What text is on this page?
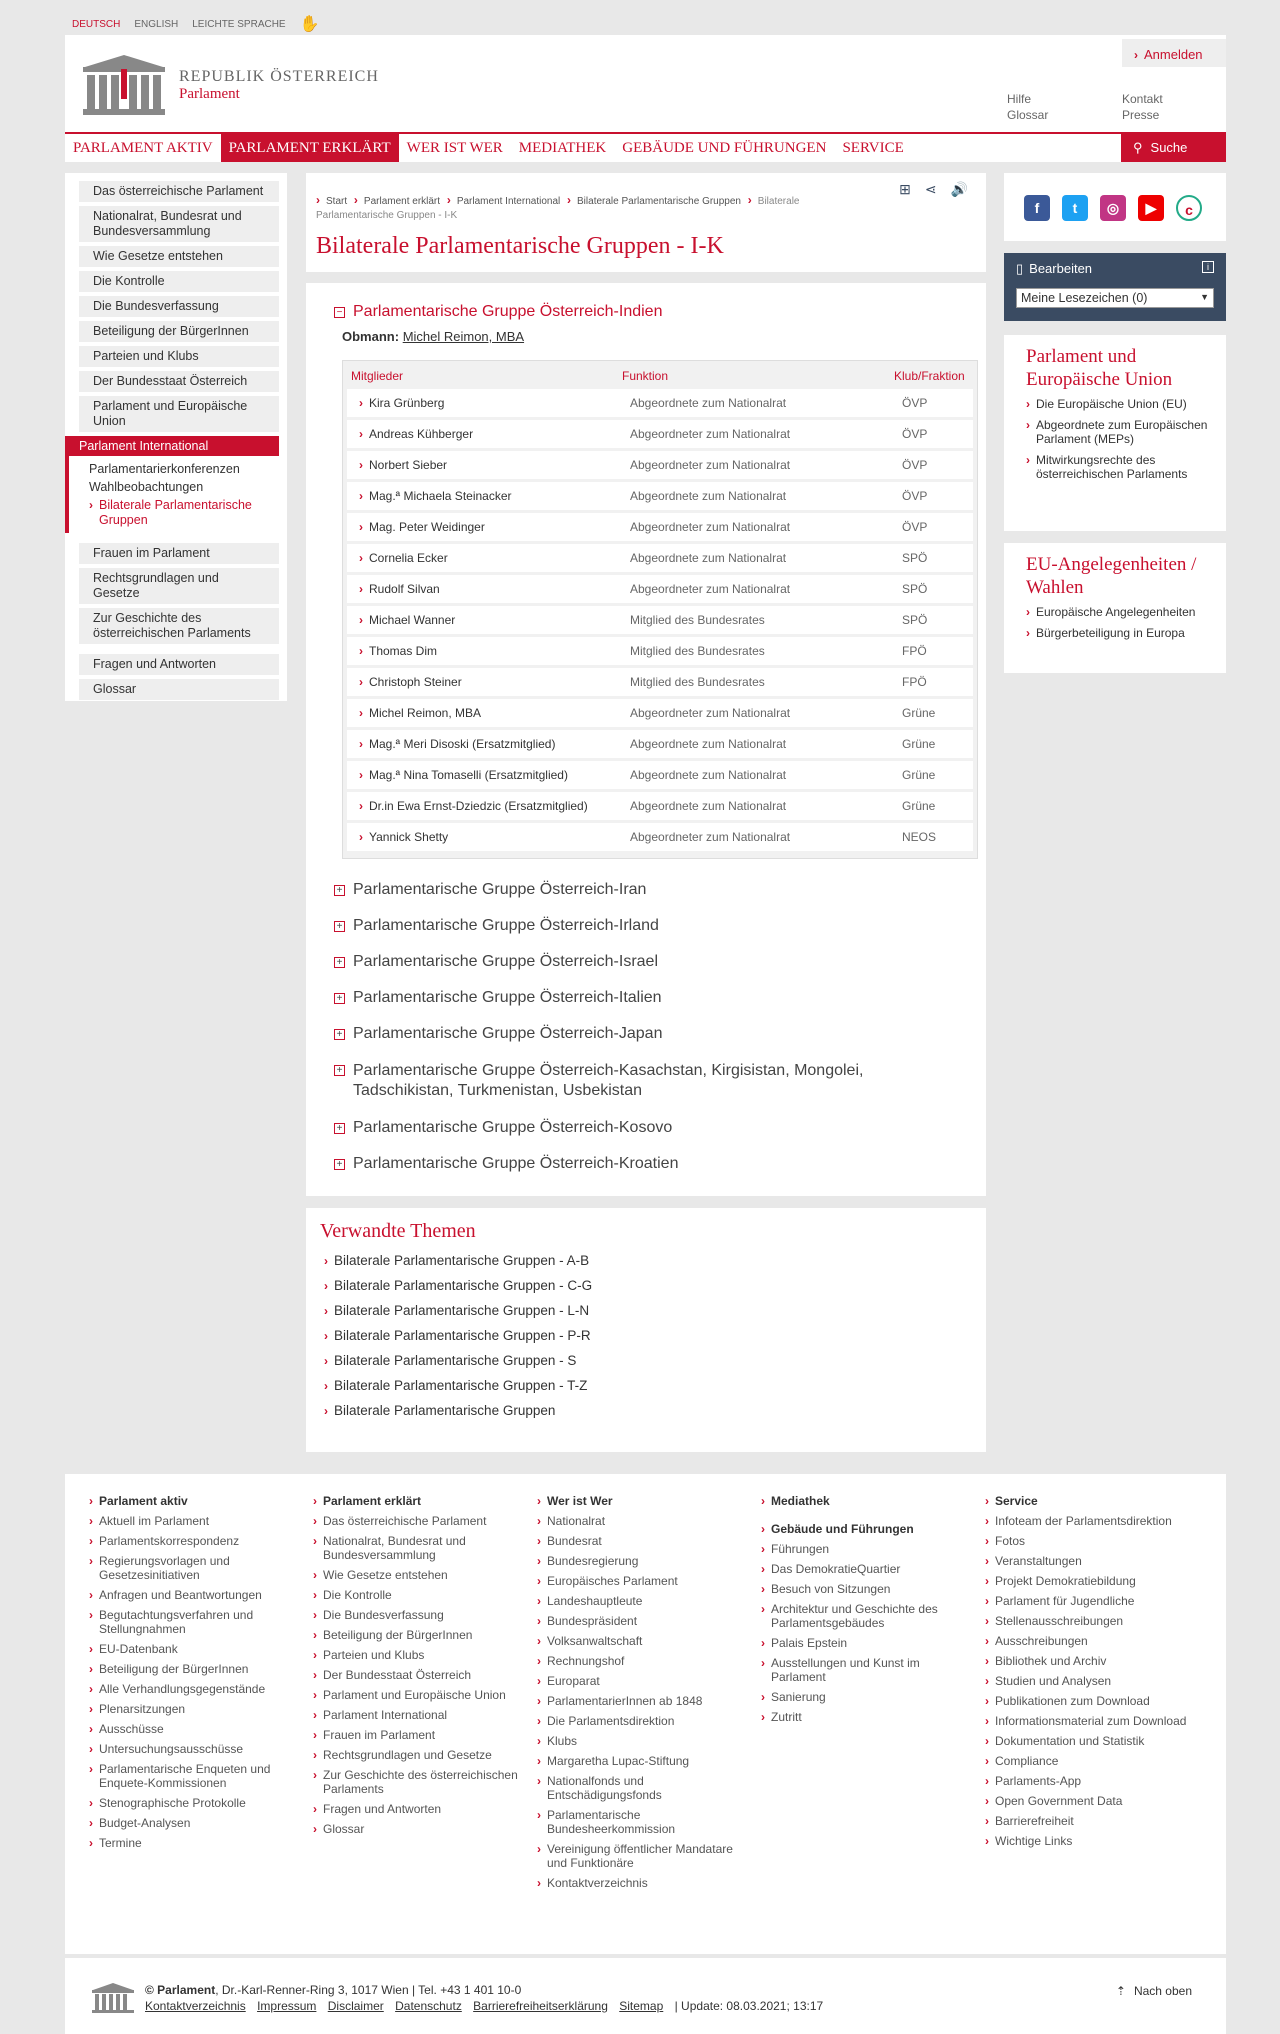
DEUTSCH ENGLISH LEICHTE SPRACHE ✋
REPUBLIK ÖSTERREICH
Parlament
› Anmelden
Hilfe	Kontakt
Glossar	Presse
PARLAMENT AKTIV	PARLAMENT ERKLÄRT	WER IST WER	MEDIATHEK	GEBÄUDE UND FÜHRUNGEN	SERVICE	⚲ Suche
Das österreichische Parlament
Nationalrat, Bundesrat und Bundesversammlung
Wie Gesetze entstehen
Die Kontrolle
Die Bundesverfassung
Beteiligung der BürgerInnen
Parteien und Klubs
Der Bundesstaat Österreich
Parlament und Europäische Union
Parlament International
Parlamentarierkonferenzen
Wahlbeobachtungen
› Bilaterale Parlamentarische Gruppen
Frauen im Parlament
Rechtsgrundlagen und Gesetze
Zur Geschichte des österreichischen Parlaments
Fragen und Antworten
Glossar
⊞ ⋖ 🔊
› Start › Parlament erklärt › Parlament International › Bilaterale Parlamentarische Gruppen › Bilaterale Parlamentarische Gruppen - I-K
Bilaterale Parlamentarische Gruppen - I-K
− Parlamentarische Gruppe Österreich-Indien
Obmann: Michel Reimon, MBA
Mitglieder	Funktion	Klub/Fraktion
› Kira Grünberg	Abgeordnete zum Nationalrat	ÖVP
› Andreas Kühberger	Abgeordneter zum Nationalrat	ÖVP
› Norbert Sieber	Abgeordneter zum Nationalrat	ÖVP
› Mag.ª Michaela Steinacker	Abgeordnete zum Nationalrat	ÖVP
› Mag. Peter Weidinger	Abgeordneter zum Nationalrat	ÖVP
› Cornelia Ecker	Abgeordnete zum Nationalrat	SPÖ
› Rudolf Silvan	Abgeordneter zum Nationalrat	SPÖ
› Michael Wanner	Mitglied des Bundesrates	SPÖ
› Thomas Dim	Mitglied des Bundesrates	FPÖ
› Christoph Steiner	Mitglied des Bundesrates	FPÖ
› Michel Reimon, MBA	Abgeordneter zum Nationalrat	Grüne
› Mag.ª Meri Disoski (Ersatzmitglied)	Abgeordnete zum Nationalrat	Grüne
› Mag.ª Nina Tomaselli (Ersatzmitglied)	Abgeordnete zum Nationalrat	Grüne
› Dr.in Ewa Ernst-Dziedzic (Ersatzmitglied)	Abgeordnete zum Nationalrat	Grüne
› Yannick Shetty	Abgeordneter zum Nationalrat	NEOS
+ Parlamentarische Gruppe Österreich-Iran
+ Parlamentarische Gruppe Österreich-Irland
+ Parlamentarische Gruppe Österreich-Israel
+ Parlamentarische Gruppe Österreich-Italien
+ Parlamentarische Gruppe Österreich-Japan
+ Parlamentarische Gruppe Österreich-Kasachstan, Kirgisistan, Mongolei, Tadschikistan, Turkmenistan, Usbekistan
+ Parlamentarische Gruppe Österreich-Kosovo
+ Parlamentarische Gruppe Österreich-Kroatien
Verwandte Themen
› Bilaterale Parlamentarische Gruppen - A-B
› Bilaterale Parlamentarische Gruppen - C-G
› Bilaterale Parlamentarische Gruppen - L-N
› Bilaterale Parlamentarische Gruppen - P-R
› Bilaterale Parlamentarische Gruppen - S
› Bilaterale Parlamentarische Gruppen - T-Z
› Bilaterale Parlamentarische Gruppen
f	t	◎	▶	c
▯ Bearbeiten	i
Meine Lesezeichen (0) ▼
Parlament und Europäische Union
› Die Europäische Union (EU)
› Abgeordnete zum Europäischen Parlament (MEPs)
› Mitwirkungsrechte des österreichischen Parlaments
EU-Angelegenheiten / Wahlen
› Europäische Angelegenheiten
› Bürgerbeteiligung in Europa
› Parlament aktiv
› Aktuell im Parlament
› Parlamentskorrespondenz
› Regierungsvorlagen und Gesetzesinitiativen
› Anfragen und Beantwortungen
› Begutachtungsverfahren und Stellungnahmen
› EU-Datenbank
› Beteiligung der BürgerInnen
› Alle Verhandlungsgegenstände
› Plenarsitzungen
› Ausschüsse
› Untersuchungsausschüsse
› Parlamentarische Enqueten und Enquete-Kommissionen
› Stenographische Protokolle
› Budget-Analysen
› Termine
› Parlament erklärt
› Das österreichische Parlament
› Nationalrat, Bundesrat und Bundesversammlung
› Wie Gesetze entstehen
› Die Kontrolle
› Die Bundesverfassung
› Beteiligung der BürgerInnen
› Parteien und Klubs
› Der Bundesstaat Österreich
› Parlament und Europäische Union
› Parlament International
› Frauen im Parlament
› Rechtsgrundlagen und Gesetze
› Zur Geschichte des österreichischen Parlaments
› Fragen und Antworten
› Glossar
› Wer ist Wer
› Nationalrat
› Bundesrat
› Bundesregierung
› Europäisches Parlament
› Landeshauptleute
› Bundespräsident
› Volksanwaltschaft
› Rechnungshof
› Europarat
› ParlamentarierInnen ab 1848
› Die Parlamentsdirektion
› Klubs
› Margaretha Lupac-Stiftung
› Nationalfonds und Entschädigungsfonds
› Parlamentarische Bundesheerkommission
› Vereinigung öffentlicher Mandatare und Funktionäre
› Kontaktverzeichnis
› Mediathek
› Gebäude und Führungen
› Führungen
› Das DemokratieQuartier
› Besuch von Sitzungen
› Architektur und Geschichte des Parlamentsgebäudes
› Palais Epstein
› Ausstellungen und Kunst im Parlament
› Sanierung
› Zutritt
› Service
› Infoteam der Parlamentsdirektion
› Fotos
› Veranstaltungen
› Projekt Demokratiebildung
› Parlament für Jugendliche
› Stellenausschreibungen
› Ausschreibungen
› Bibliothek und Archiv
› Studien und Analysen
› Publikationen zum Download
› Informationsmaterial zum Download
› Dokumentation und Statistik
› Compliance
› Parlaments-App
› Open Government Data
› Barrierefreiheit
› Wichtige Links
© Parlament, Dr.-Karl-Renner-Ring 3, 1017 Wien | Tel. +43 1 401 10-0
Kontaktverzeichnis Impressum Disclaimer Datenschutz Barrierefreiheitserklärung Sitemap | Update: 08.03.2021; 13:17
⇡ Nach oben
